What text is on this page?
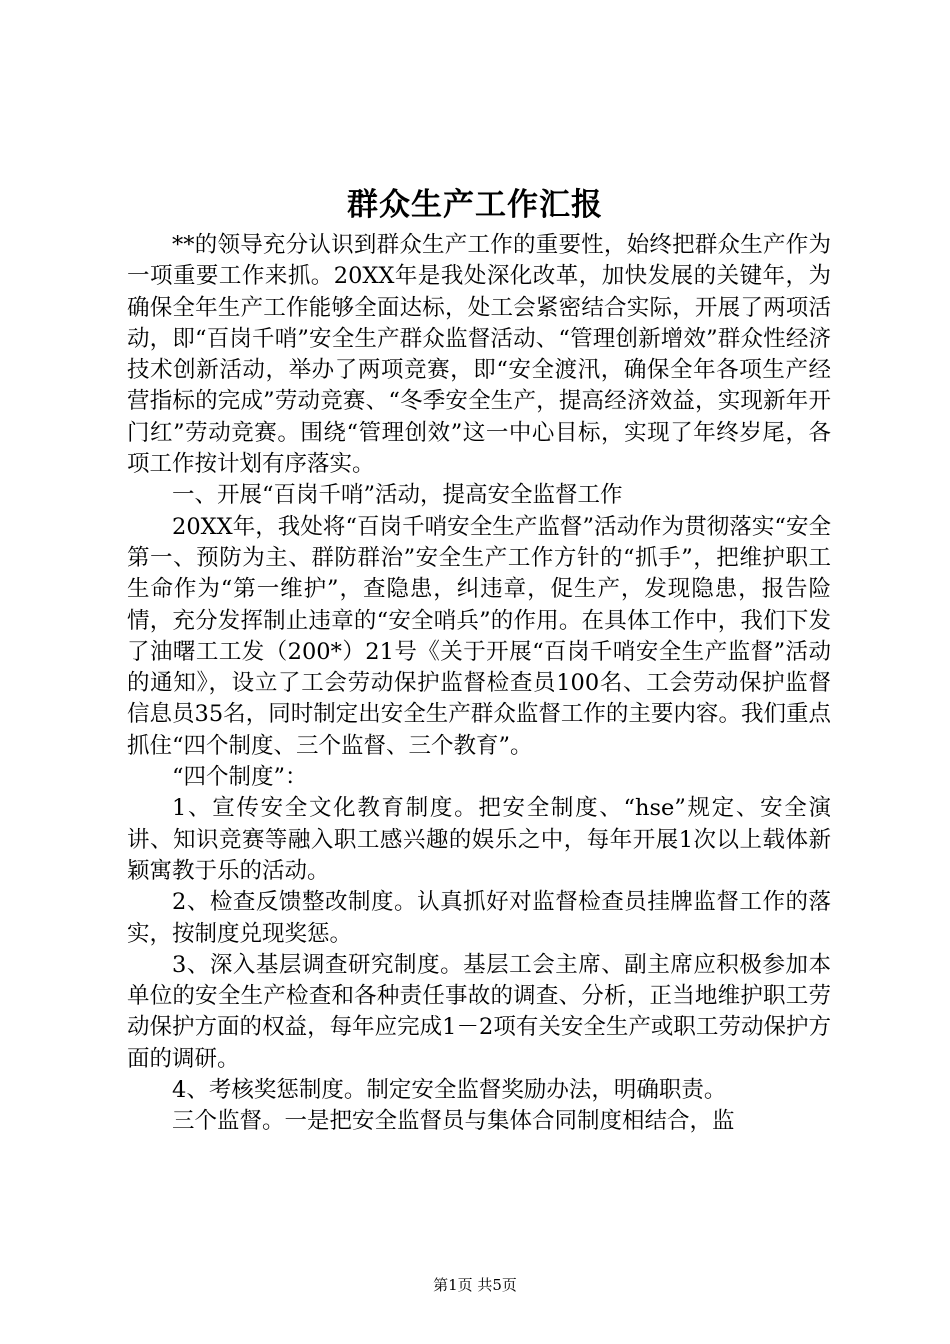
群众生产工作汇报

**的领导充分认识到群众生产工作的重要性，始终把群众生产作为一项重要工作来抓。20XX年是我处深化改革，加快发展的关键年，为确保全年生产工作能够全面达标，处工会紧密结合实际，开展了两项活动，即“百岗千哨”安全生产群众监督活动、“管理创新增效”群众性经济技术创新活动，举办了两项竞赛，即“安全渡汛，确保全年各项生产经营指标的完成”劳动竞赛、“冬季安全生产，提高经济效益，实现新年开门红”劳动竞赛。围绕“管理创效”这一中心目标，实现了年终岁尾，各项工作按计划有序落实。

一、开展“百岗千哨”活动，提高安全监督工作

20XX年，我处将“百岗千哨安全生产监督”活动作为贯彻落实“安全第一、预防为主、群防群治”安全生产工作方针的“抓手”，把维护职工生命作为“第一维护”，查隐患，纠违章，促生产，发现隐患，报告险情，充分发挥制止违章的“安全哨兵”的作用。在具体工作中，我们下发了油曙工工发（200*）21号《关于开展“百岗千哨安全生产监督”活动的通知》，设立了工会劳动保护监督检查员100名、工会劳动保护监督信息员35名，同时制定出安全生产群众监督工作的主要内容。我们重点抓住“四个制度、三个监督、三个教育”。

“四个制度”：

1、宣传安全文化教育制度。把安全制度、“hse”规定、安全演讲、知识竞赛等融入职工感兴趣的娱乐之中，每年开展1次以上载体新颖寓教于乐的活动。

2、检查反馈整改制度。认真抓好对监督检查员挂牌监督工作的落实，按制度兑现奖惩。

3、深入基层调查研究制度。基层工会主席、副主席应积极参加本单位的安全生产检查和各种责任事故的调查、分析，正当地维护职工劳动保护方面的权益，每年应完成1－2项有关安全生产或职工劳动保护方面的调研。

4、考核奖惩制度。制定安全监督奖励办法，明确职责。

三个监督。一是把安全监督员与集体合同制度相结合，监

第1页 共5页
